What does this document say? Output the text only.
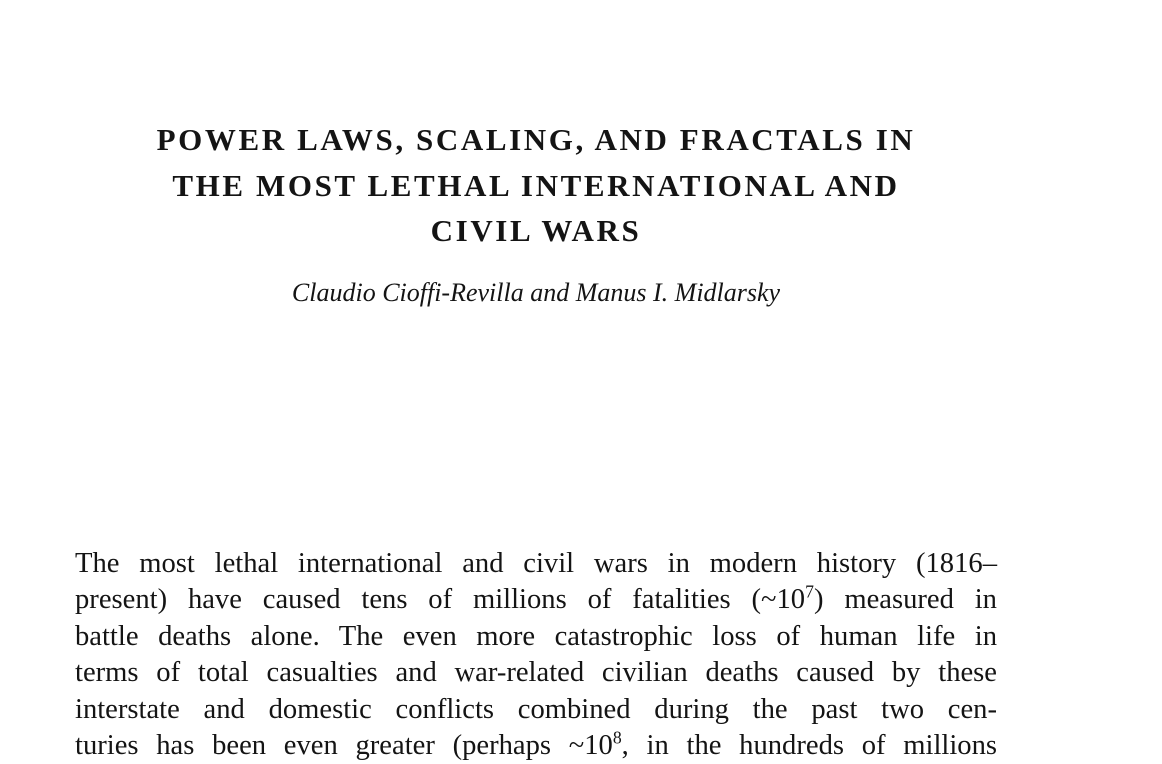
POWER LAWS, SCALING, AND FRACTALS IN
THE MOST LETHAL INTERNATIONAL AND
CIVIL WARS

Claudio Cioffi-Revilla and Manus I. Midlarsky

The most lethal international and civil wars in modern history (1816–
present) have caused tens of millions of fatalities $(\sim 10^7)$ measured in
battle deaths alone. The even more catastrophic loss of human life in
terms of total casualties and war-related civilian deaths caused by these
interstate and domestic conflicts combined during the past two cen-
turies has been even greater (perhaps $\sim 10^8$, in the hundreds of millions
